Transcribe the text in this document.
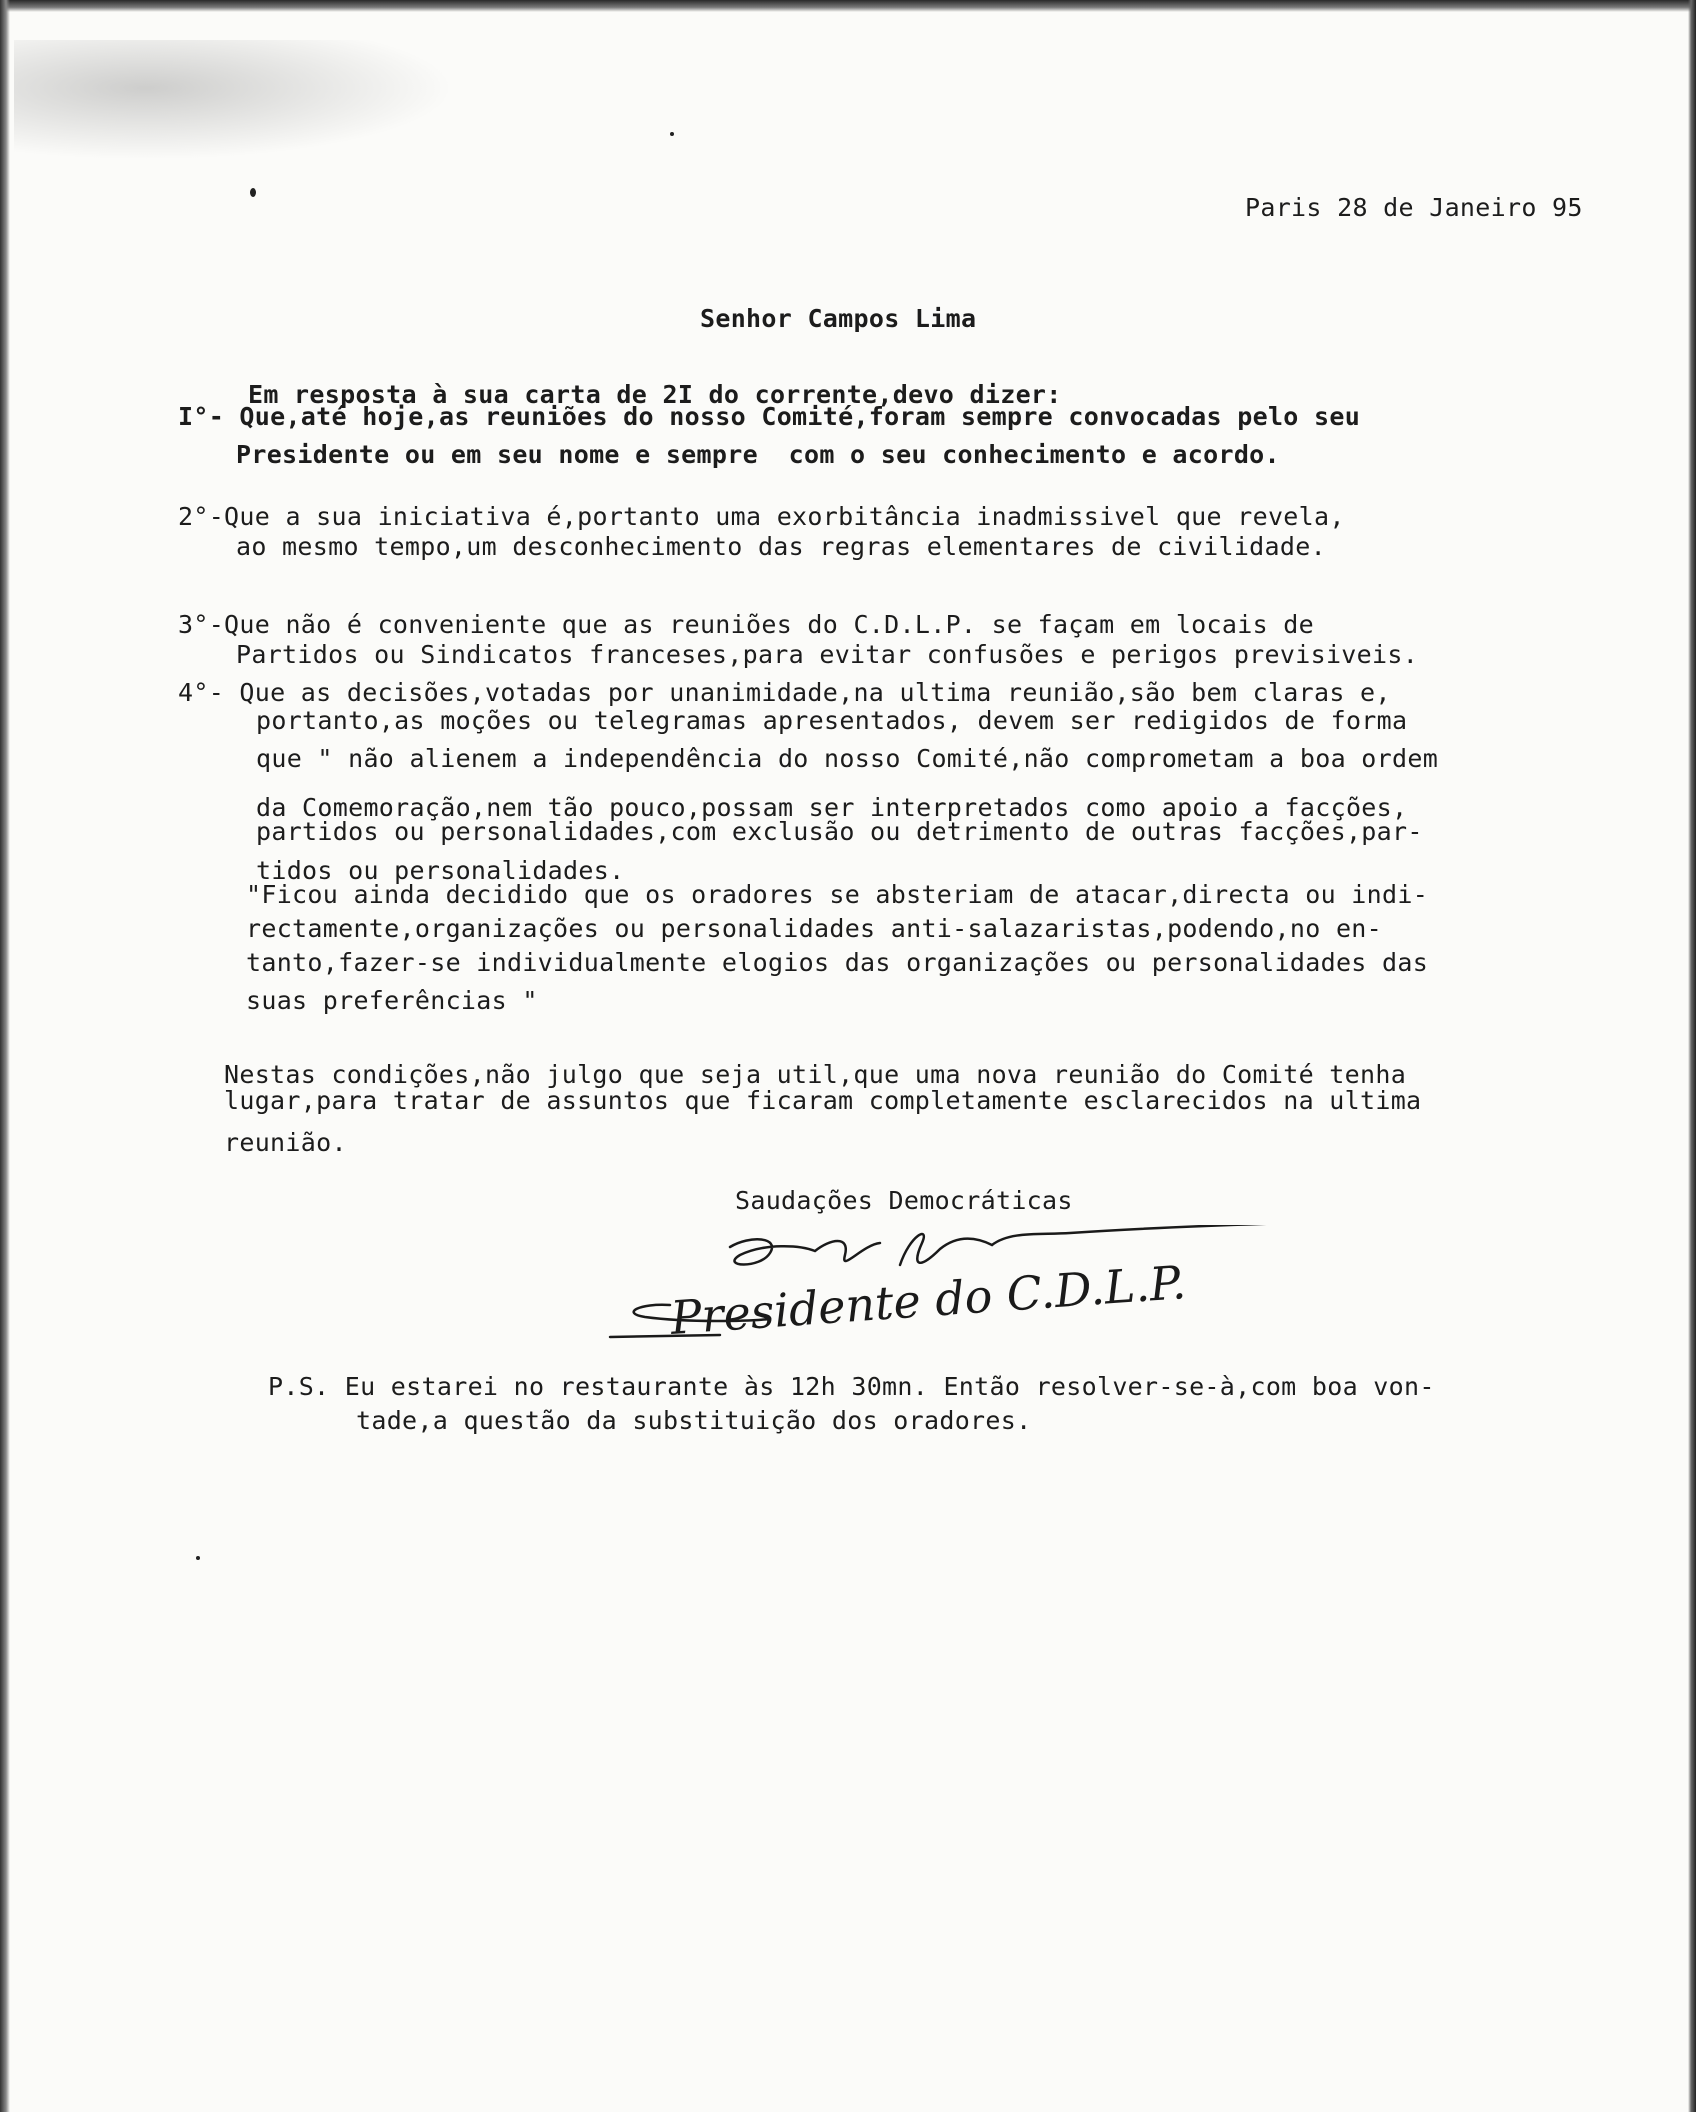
Paris 28 de Janeiro 95
Senhor Campos Lima
Em resposta à sua carta de 2I do corrente,devo dizer:
I°- Que,até hoje,as reuniões do nosso Comité,foram sempre convocadas pelo seu
Presidente ou em seu nome e sempre  com o seu conhecimento e acordo.
2°-Que a sua iniciativa é,portanto uma exorbitância inadmissivel que revela,
ao mesmo tempo,um desconhecimento das regras elementares de civilidade.
3°-Que não é conveniente que as reuniões do C.D.L.P. se façam em locais de
Partidos ou Sindicatos franceses,para evitar confusões e perigos previsiveis.
4°- Que as decisões,votadas por unanimidade,na ultima reunião,são bem claras e,
portanto,as moções ou telegramas apresentados, devem ser redigidos de forma
que " não alienem a independência do nosso Comité,não comprometam a boa ordem
da Comemoração,nem tão pouco,possam ser interpretados como apoio a facções,
partidos ou personalidades,com exclusão ou detrimento de outras facções,par-
tidos ou personalidades.
"Ficou ainda decidido que os oradores se absteriam de atacar,directa ou indi-
rectamente,organizações ou personalidades anti-salazaristas,podendo,no en-
tanto,fazer-se individualmente elogios das organizações ou personalidades das
suas preferências "
Nestas condições,não julgo que seja util,que uma nova reunião do Comité tenha
lugar,para tratar de assuntos que ficaram completamente esclarecidos na ultima
reunião.
Saudações Democráticas
Presidente do C.D.L.P.
P.S. Eu estarei no restaurante às 12h 30mn. Então resolver-se-à,com boa von-
tade,a questão da substituição dos oradores.
